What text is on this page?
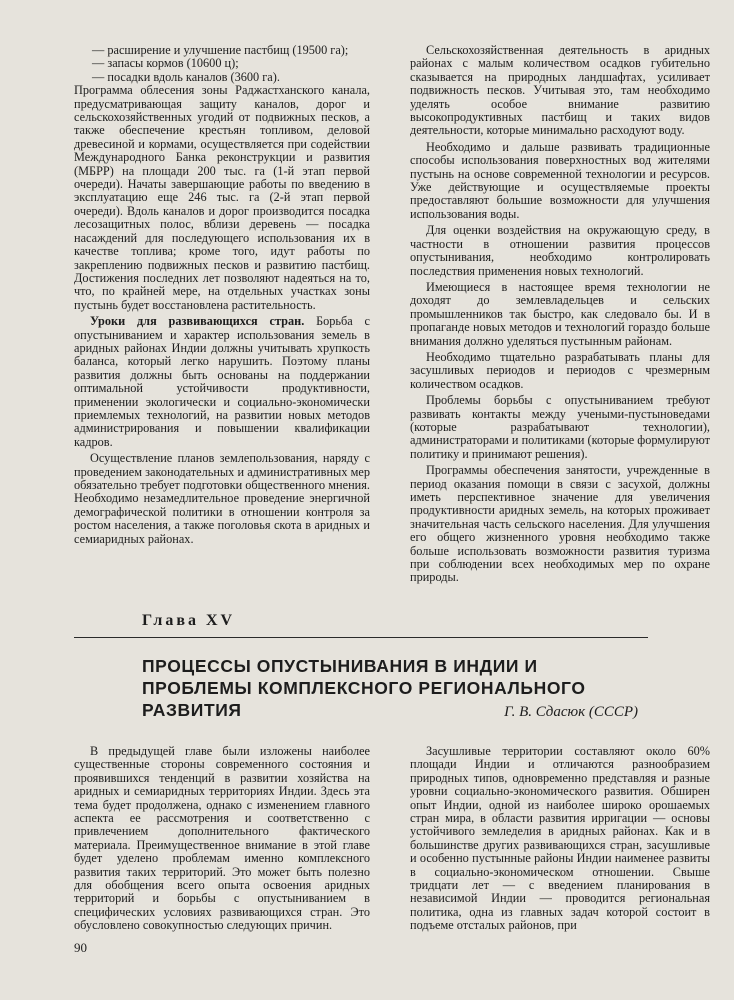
— расширение и улучшение пастбищ (19500 га);

— запасы кормов (10600 ц);

— посадки вдоль каналов (3600 га).

Программа облесения зоны Раджастханского канала, предусматривающая защиту каналов, дорог и сельскохозяйственных угодий от подвижных песков, а также обеспечение крестьян топливом, деловой древесиной и кормами, осуществляется при содействии Международного Банка реконструкции и развития (МБРР) на площади 200 тыс. га (1-й этап первой очереди). Начаты завершающие работы по введению в эксплуатацию еще 246 тыс. га (2-й этап первой очереди). Вдоль каналов и дорог производится посадка лесозащитных полос, вблизи деревень — посадка насаждений для последующего использования их в качестве топлива; кроме того, идут работы по закреплению подвижных песков и развитию пастбищ. Достижения последних лет позволяют надеяться на то, что, по крайней мере, на отдельных участках зоны пустынь будет восстановлена растительность.

Уроки для развивающихся стран. Борьба с опустыниванием и характер использования земель в аридных районах Индии должны учитывать хрупкость баланса, который легко нарушить. Поэтому планы развития должны быть основаны на поддержании оптимальной устойчивости продуктивности, применении экологически и социально-экономически приемлемых технологий, на развитии новых методов администрирования и повышении квалификации кадров.

Осуществление планов землепользования, наряду с проведением законодательных и административных мер обязательно требует подготовки общественного мнения. Необходимо незамедлительное проведение энергичной демографической политики в отношении контроля за ростом населения, а также поголовья скота в аридных и семиаридных районах.

Сельскохозяйственная деятельность в аридных районах с малым количеством осадков губительно сказывается на природных ландшафтах, усиливает подвижность песков. Учитывая это, там необходимо уделять особое внимание развитию высокопродуктивных пастбищ и таких видов деятельности, которые минимально расходуют воду.

Необходимо и дальше развивать традиционные способы использования поверхностных вод жителями пустынь на основе современной технологии и ресурсов. Уже действующие и осуществляемые проекты предоставляют большие возможности для улучшения использования воды.

Для оценки воздействия на окружающую среду, в частности в отношении развития процессов опустынивания, необходимо контролировать последствия применения новых технологий.

Имеющиеся в настоящее время технологии не доходят до землевладельцев и сельских промышленников так быстро, как следовало бы. И в пропаганде новых методов и технологий гораздо больше внимания должно уделяться пустынным районам.

Необходимо тщательно разрабатывать планы для засушливых периодов и периодов с чрезмерным количеством осадков.

Проблемы борьбы с опустыниванием требуют развивать контакты между учеными-пустыноведами (которые разрабатывают технологии), администраторами и политиками (которые формулируют политику и принимают решения).

Программы обеспечения занятости, учрежденные в период оказания помощи в связи с засухой, должны иметь перспективное значение для увеличения продуктивности аридных земель, на которых проживает значительная часть сельского населения. Для улучшения его общего жизненного уровня необходимо также больше использовать возможности развития туризма при соблюдении всех необходимых мер по охране природы.

Глава XV
ПРОЦЕССЫ ОПУСТЫНИВАНИЯ В ИНДИИ И ПРОБЛЕМЫ КОМПЛЕКСНОГО РЕГИОНАЛЬНОГО РАЗВИТИЯ	Г. В. Сдасюк (СССР)

В предыдущей главе были изложены наиболее существенные стороны современного состояния и проявившихся тенденций в развитии хозяйства на аридных и семиаридных территориях Индии. Здесь эта тема будет продолжена, однако с изменением главного аспекта ее рассмотрения и соответственно с привлечением дополнительного фактического материала. Преимущественное внимание в этой главе будет уделено проблемам именно комплексного развития таких территорий. Это может быть полезно для обобщения всего опыта освоения аридных территорий и борьбы с опустыниванием в специфических условиях развивающихся стран. Это обусловлено совокупностью следующих причин.

Засушливые территории составляют около 60% площади Индии и отличаются разнообразием природных типов, одновременно представляя и разные уровни социально-экономического развития. Обширен опыт Индии, одной из наиболее широко орошаемых стран мира, в области развития ирригации — основы устойчивого земледелия в аридных районах. Как и в большинстве других развивающихся стран, засушливые и особенно пустынные районы Индии наименее развиты в социально-экономическом отношении. Свыше тридцати лет — с введением планирования в независимой Индии — проводится региональная политика, одна из главных задач которой состоит в подъеме отсталых районов, при

90
